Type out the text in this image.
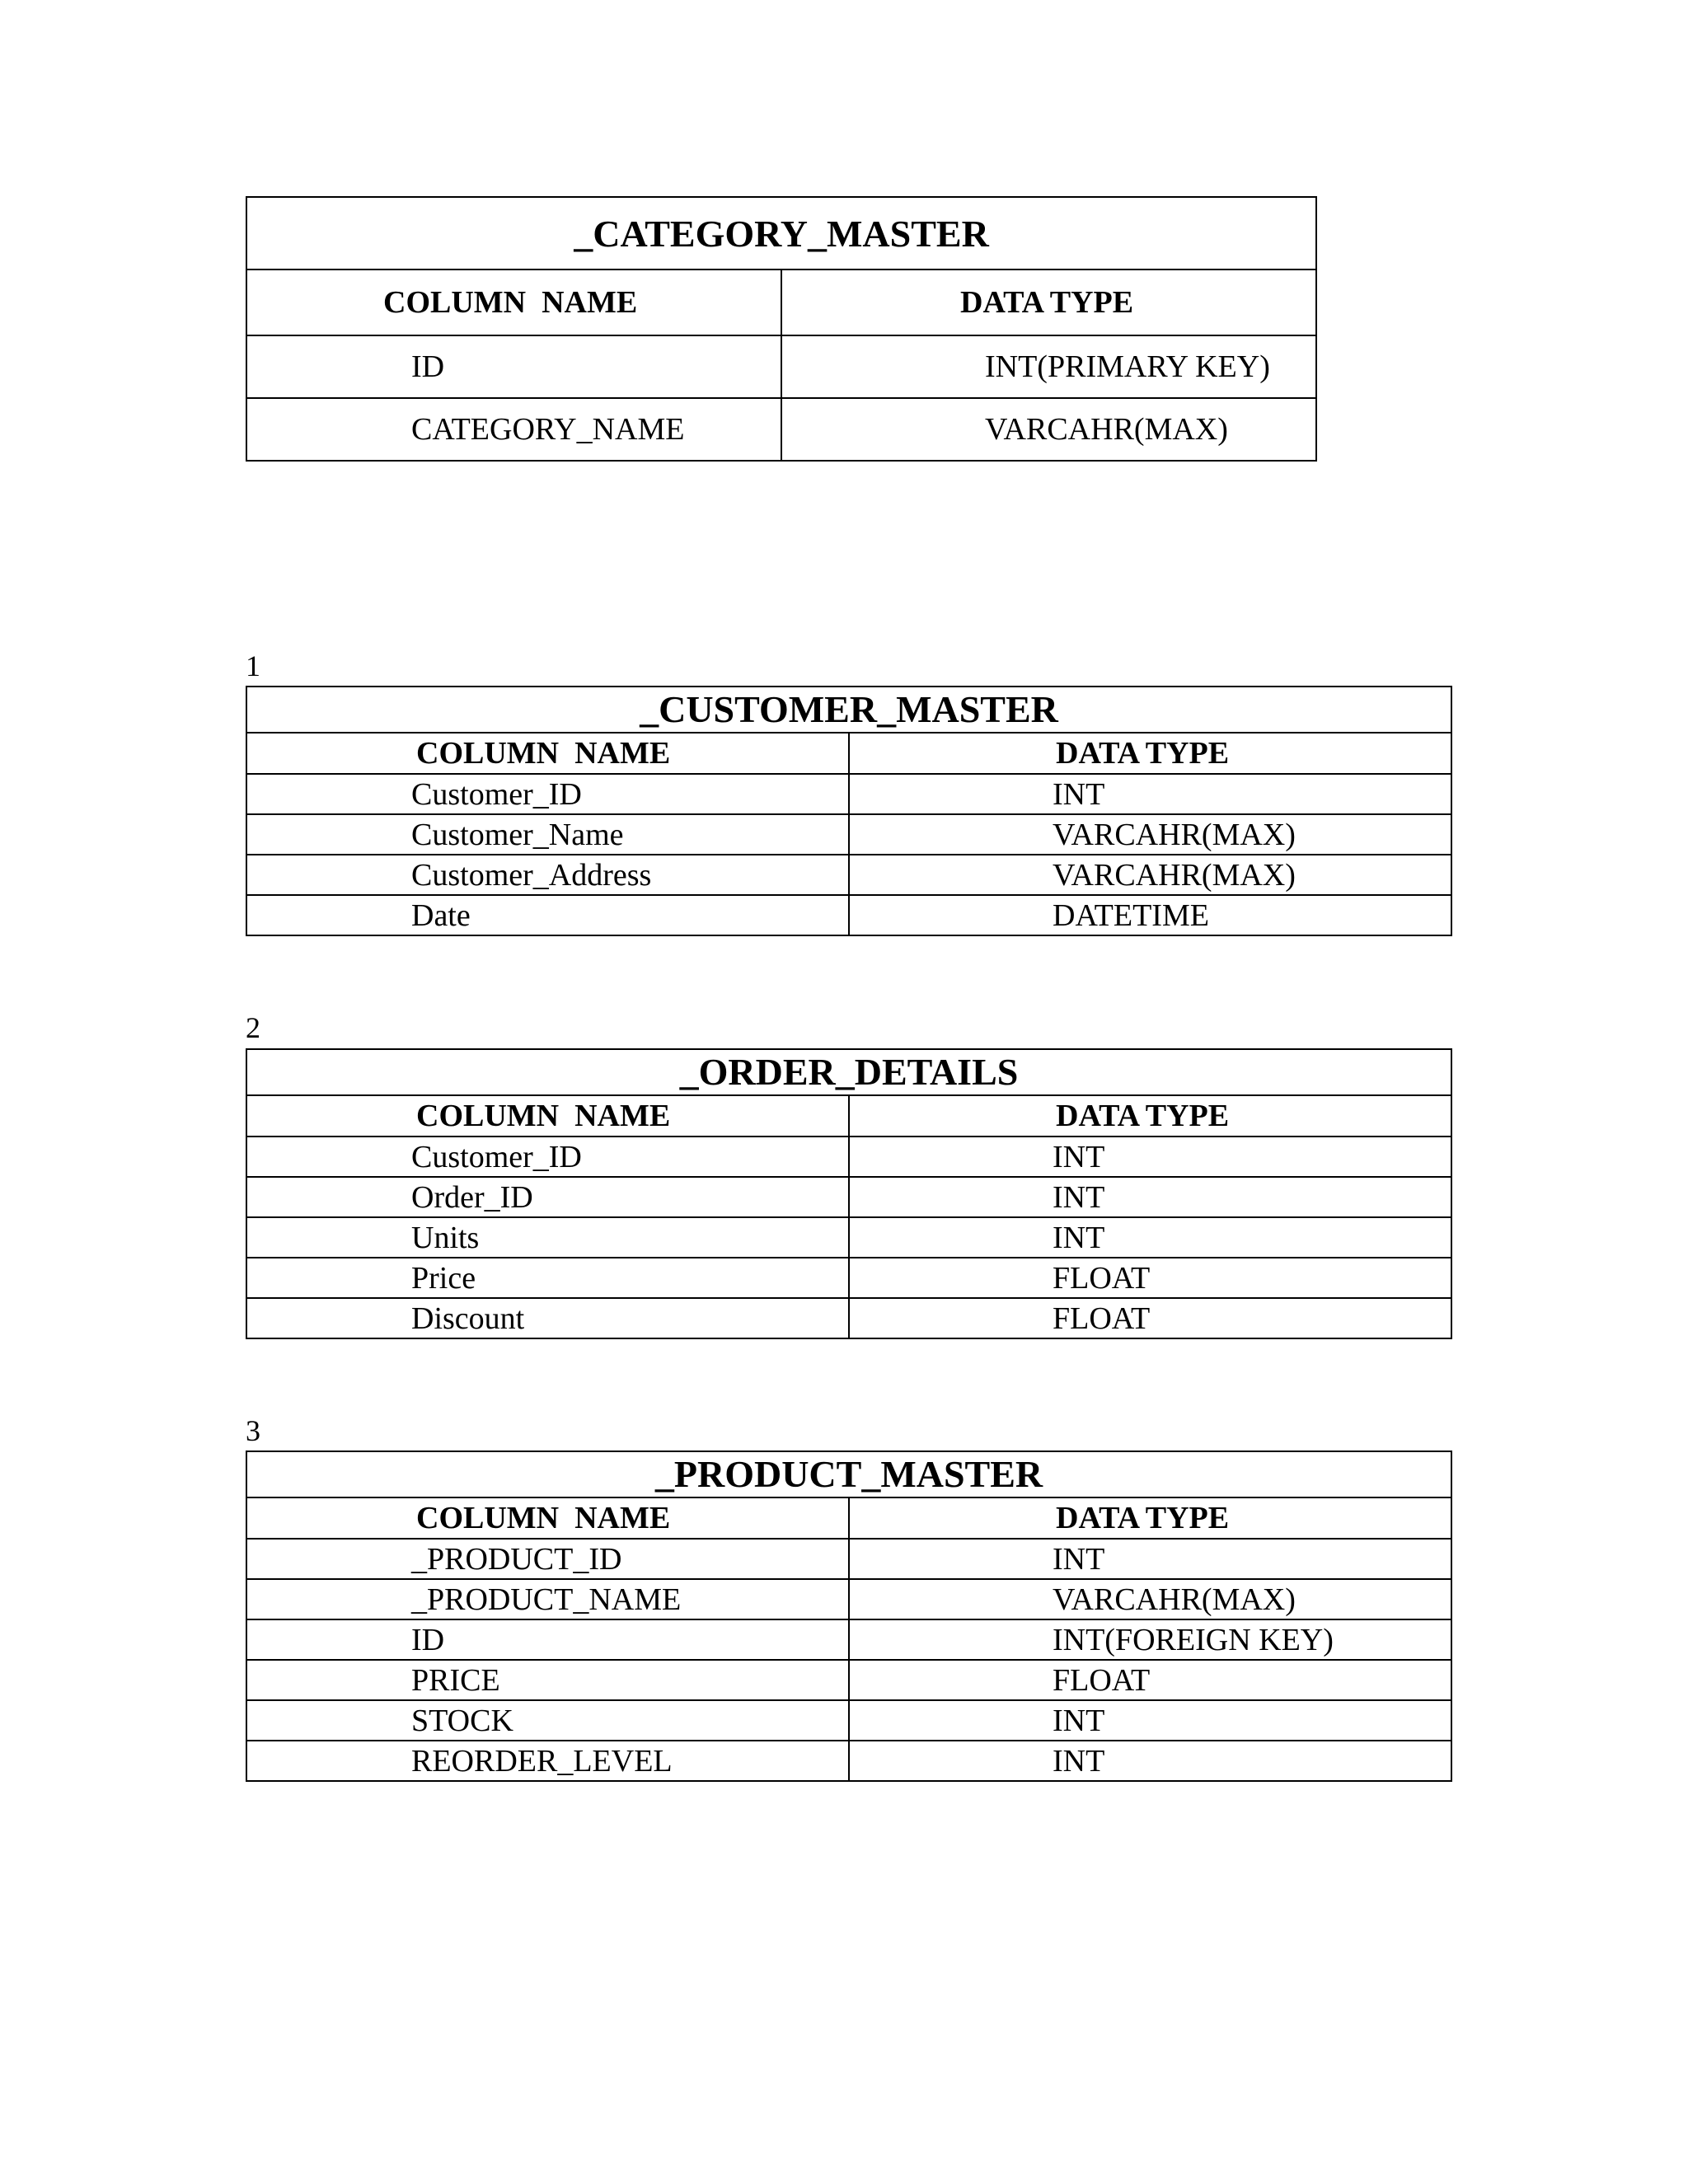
_CATEGORY_MASTER	
COLUMN  NAME	DATA TYPE
ID	INT(PRIMARY KEY)
CATEGORY_NAME	VARCAHR(MAX)
1
_CUSTOMER_MASTER	
COLUMN  NAME	DATA TYPE
Customer_ID	INT
Customer_Name	VARCAHR(MAX)
Customer_Address	VARCAHR(MAX)
Date	DATETIME
2
_ORDER_DETAILS	
COLUMN  NAME	DATA TYPE
Customer_ID	INT
Order_ID	INT
Units	INT
Price	FLOAT
Discount	FLOAT
3
_PRODUCT_MASTER	
COLUMN  NAME	DATA TYPE
_PRODUCT_ID	INT
_PRODUCT_NAME	VARCAHR(MAX)
ID	INT(FOREIGN KEY)
PRICE	FLOAT
STOCK	INT
REORDER_LEVEL	INT
